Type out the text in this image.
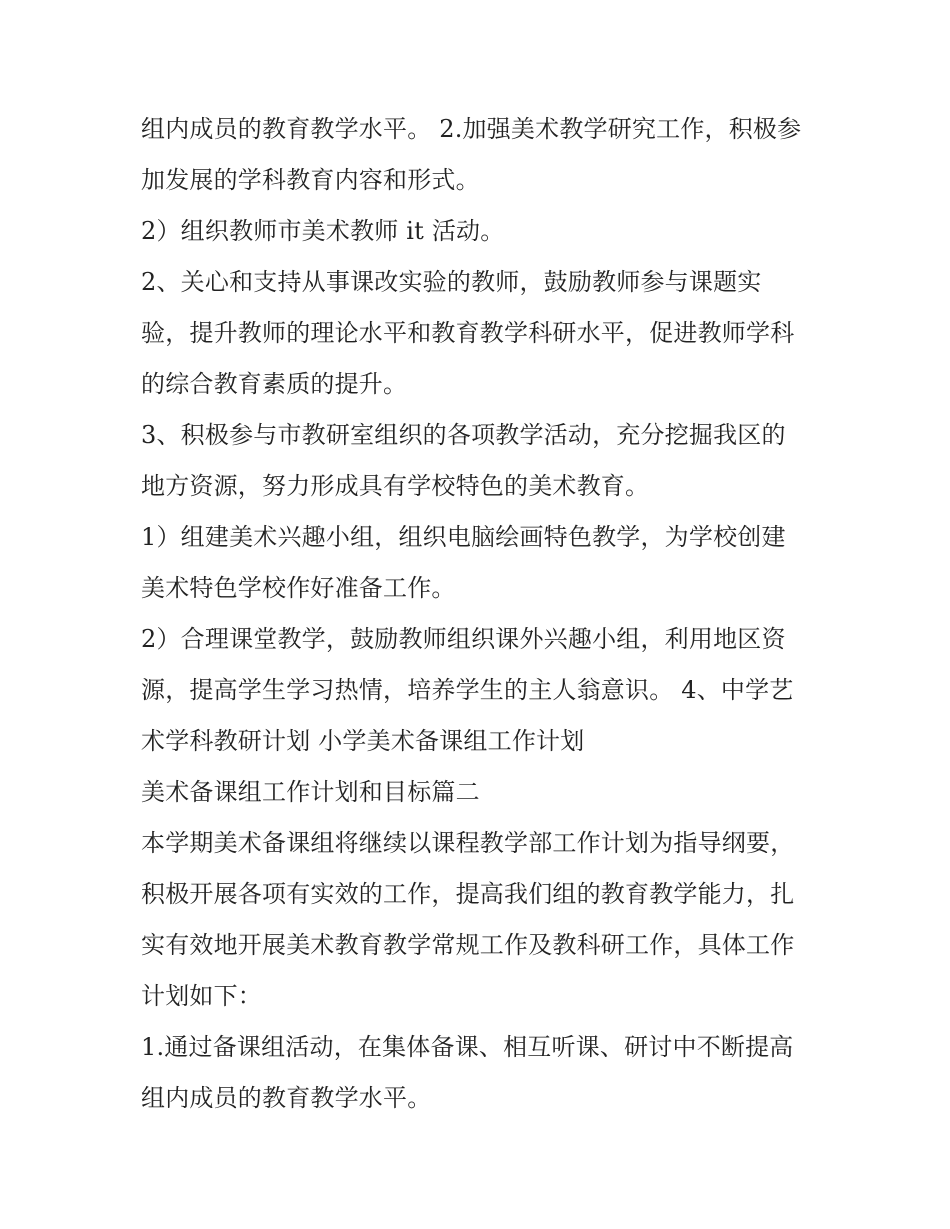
组内成员的教育教学水平。 2.加强美术教学研究工作，积极参
加发展的学科教育内容和形式。
2）组织教师市美术教师 it 活动。
2、关心和支持从事课改实验的教师，鼓励教师参与课题实
验，提升教师的理论水平和教育教学科研水平，促进教师学科
的综合教育素质的提升。
3、积极参与市教研室组织的各项教学活动，充分挖掘我区的
地方资源，努力形成具有学校特色的美术教育。
1）组建美术兴趣小组，组织电脑绘画特色教学，为学校创建
美术特色学校作好准备工作。
2）合理课堂教学，鼓励教师组织课外兴趣小组，利用地区资
源，提高学生学习热情，培养学生的主人翁意识。 4、中学艺
术学科教研计划 小学美术备课组工作计划
美术备课组工作计划和目标篇二
本学期美术备课组将继续以课程教学部工作计划为指导纲要，
积极开展各项有实效的工作，提高我们组的教育教学能力，扎
实有效地开展美术教育教学常规工作及教科研工作，具体工作
计划如下：
1.通过备课组活动，在集体备课、相互听课、研讨中不断提高
组内成员的教育教学水平。
